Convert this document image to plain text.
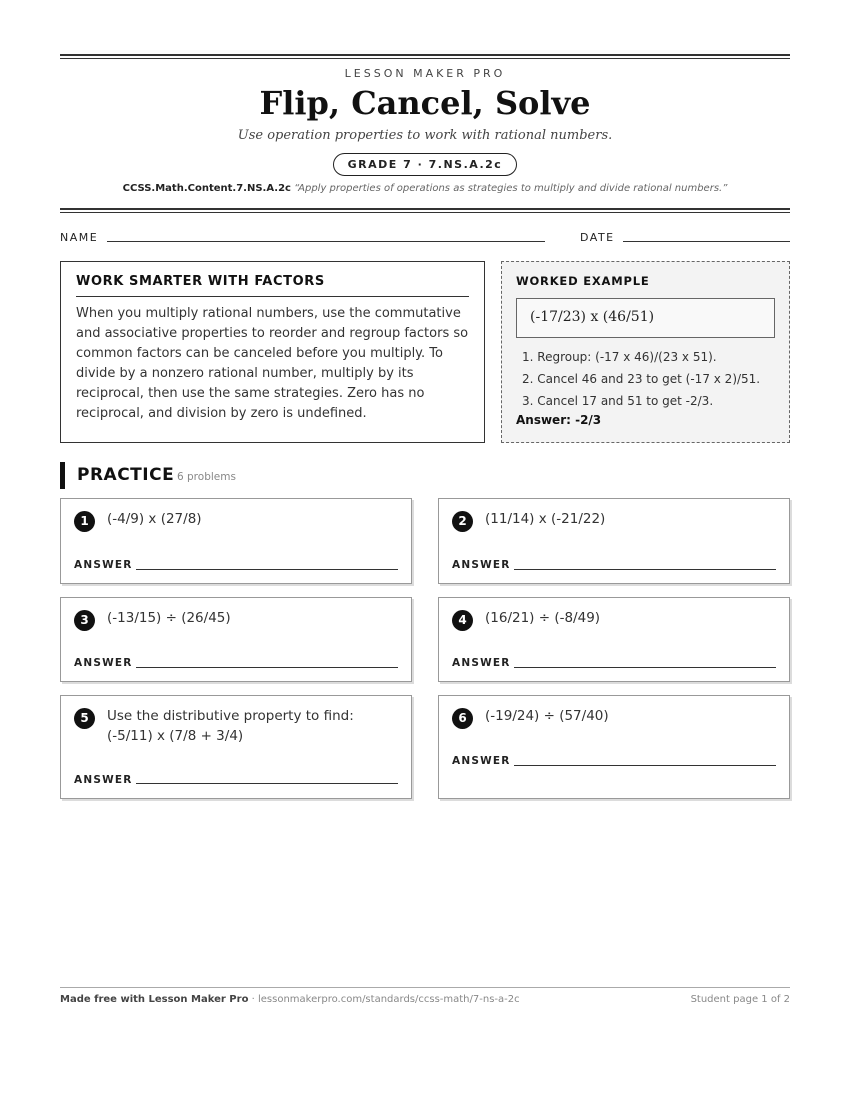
LESSON MAKER PRO
Flip, Cancel, Solve
Use operation properties to work with rational numbers.
GRADE 7 · 7.NS.A.2c
CCSS.Math.Content.7.NS.A.2c “Apply properties of operations as strategies to multiply and divide rational numbers.”
NAME	DATE
WORK SMARTER WITH FACTORS

When you multiply rational numbers, use the commutative and associative properties to reorder and regroup factors so common factors can be canceled before you multiply. To divide by a nonzero rational number, multiply by its reciprocal, then use the same strategies. Zero has no reciprocal, and division by zero is undefined.

WORKED EXAMPLE
(-17/23) x (46/51)
1. Regroup: (-17 x 46)/(23 x 51).
2. Cancel 46 and 23 to get (-17 x 2)/51.
3. Cancel 17 and 51 to get -2/3.
Answer: -2/3
PRACTICE 6 problems
1	(-4/9) x (27/8)
ANSWER
2	(11/14) x (-21/22)
ANSWER
3	(-13/15) ÷ (26/45)
ANSWER
4	(16/21) ÷ (-8/49)
ANSWER
5	Use the distributive property to find: (-5/11) x (7/8 + 3/4)
ANSWER
6	(-19/24) ÷ (57/40)
ANSWER
Made free with Lesson Maker Pro · lessonmakerpro.com/standards/ccss-math/7-ns-a-2c	Student page 1 of 2
